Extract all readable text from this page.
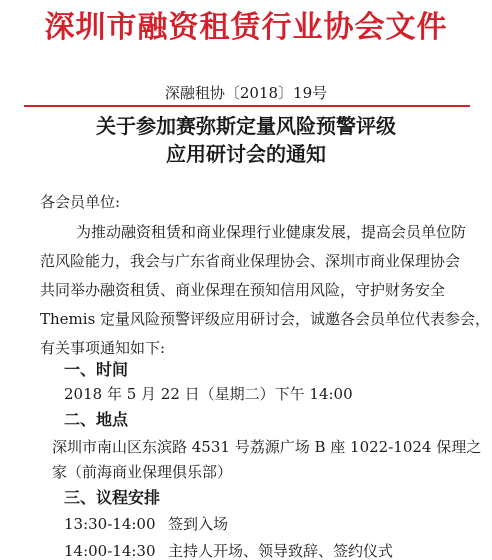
深圳市融资租赁行业协会文件
深融租协〔2018〕19号
关于参加赛弥斯定量风险预警评级
应用研讨会的通知
各会员单位:
为推动融资租赁和商业保理行业健康发展，提高会员单位防
范风险能力，我会与广东省商业保理协会、深圳市商业保理协会
共同举办融资租赁、商业保理在预知信用风险，守护财务安全
Themis 定量风险预警评级应用研讨会，诚邀各会员单位代表参会，
有关事项通知如下:
一、时间
2018 年 5 月 22 日（星期二）下午 14:00
二、地点
深圳市南山区东滨路 4531 号荔源广场 B 座 1022-1024 保理之
家（前海商业保理俱乐部）
三、议程安排
13:30-14:00 签到入场
14:00-14:30 主持人开场、领导致辞、签约仪式
